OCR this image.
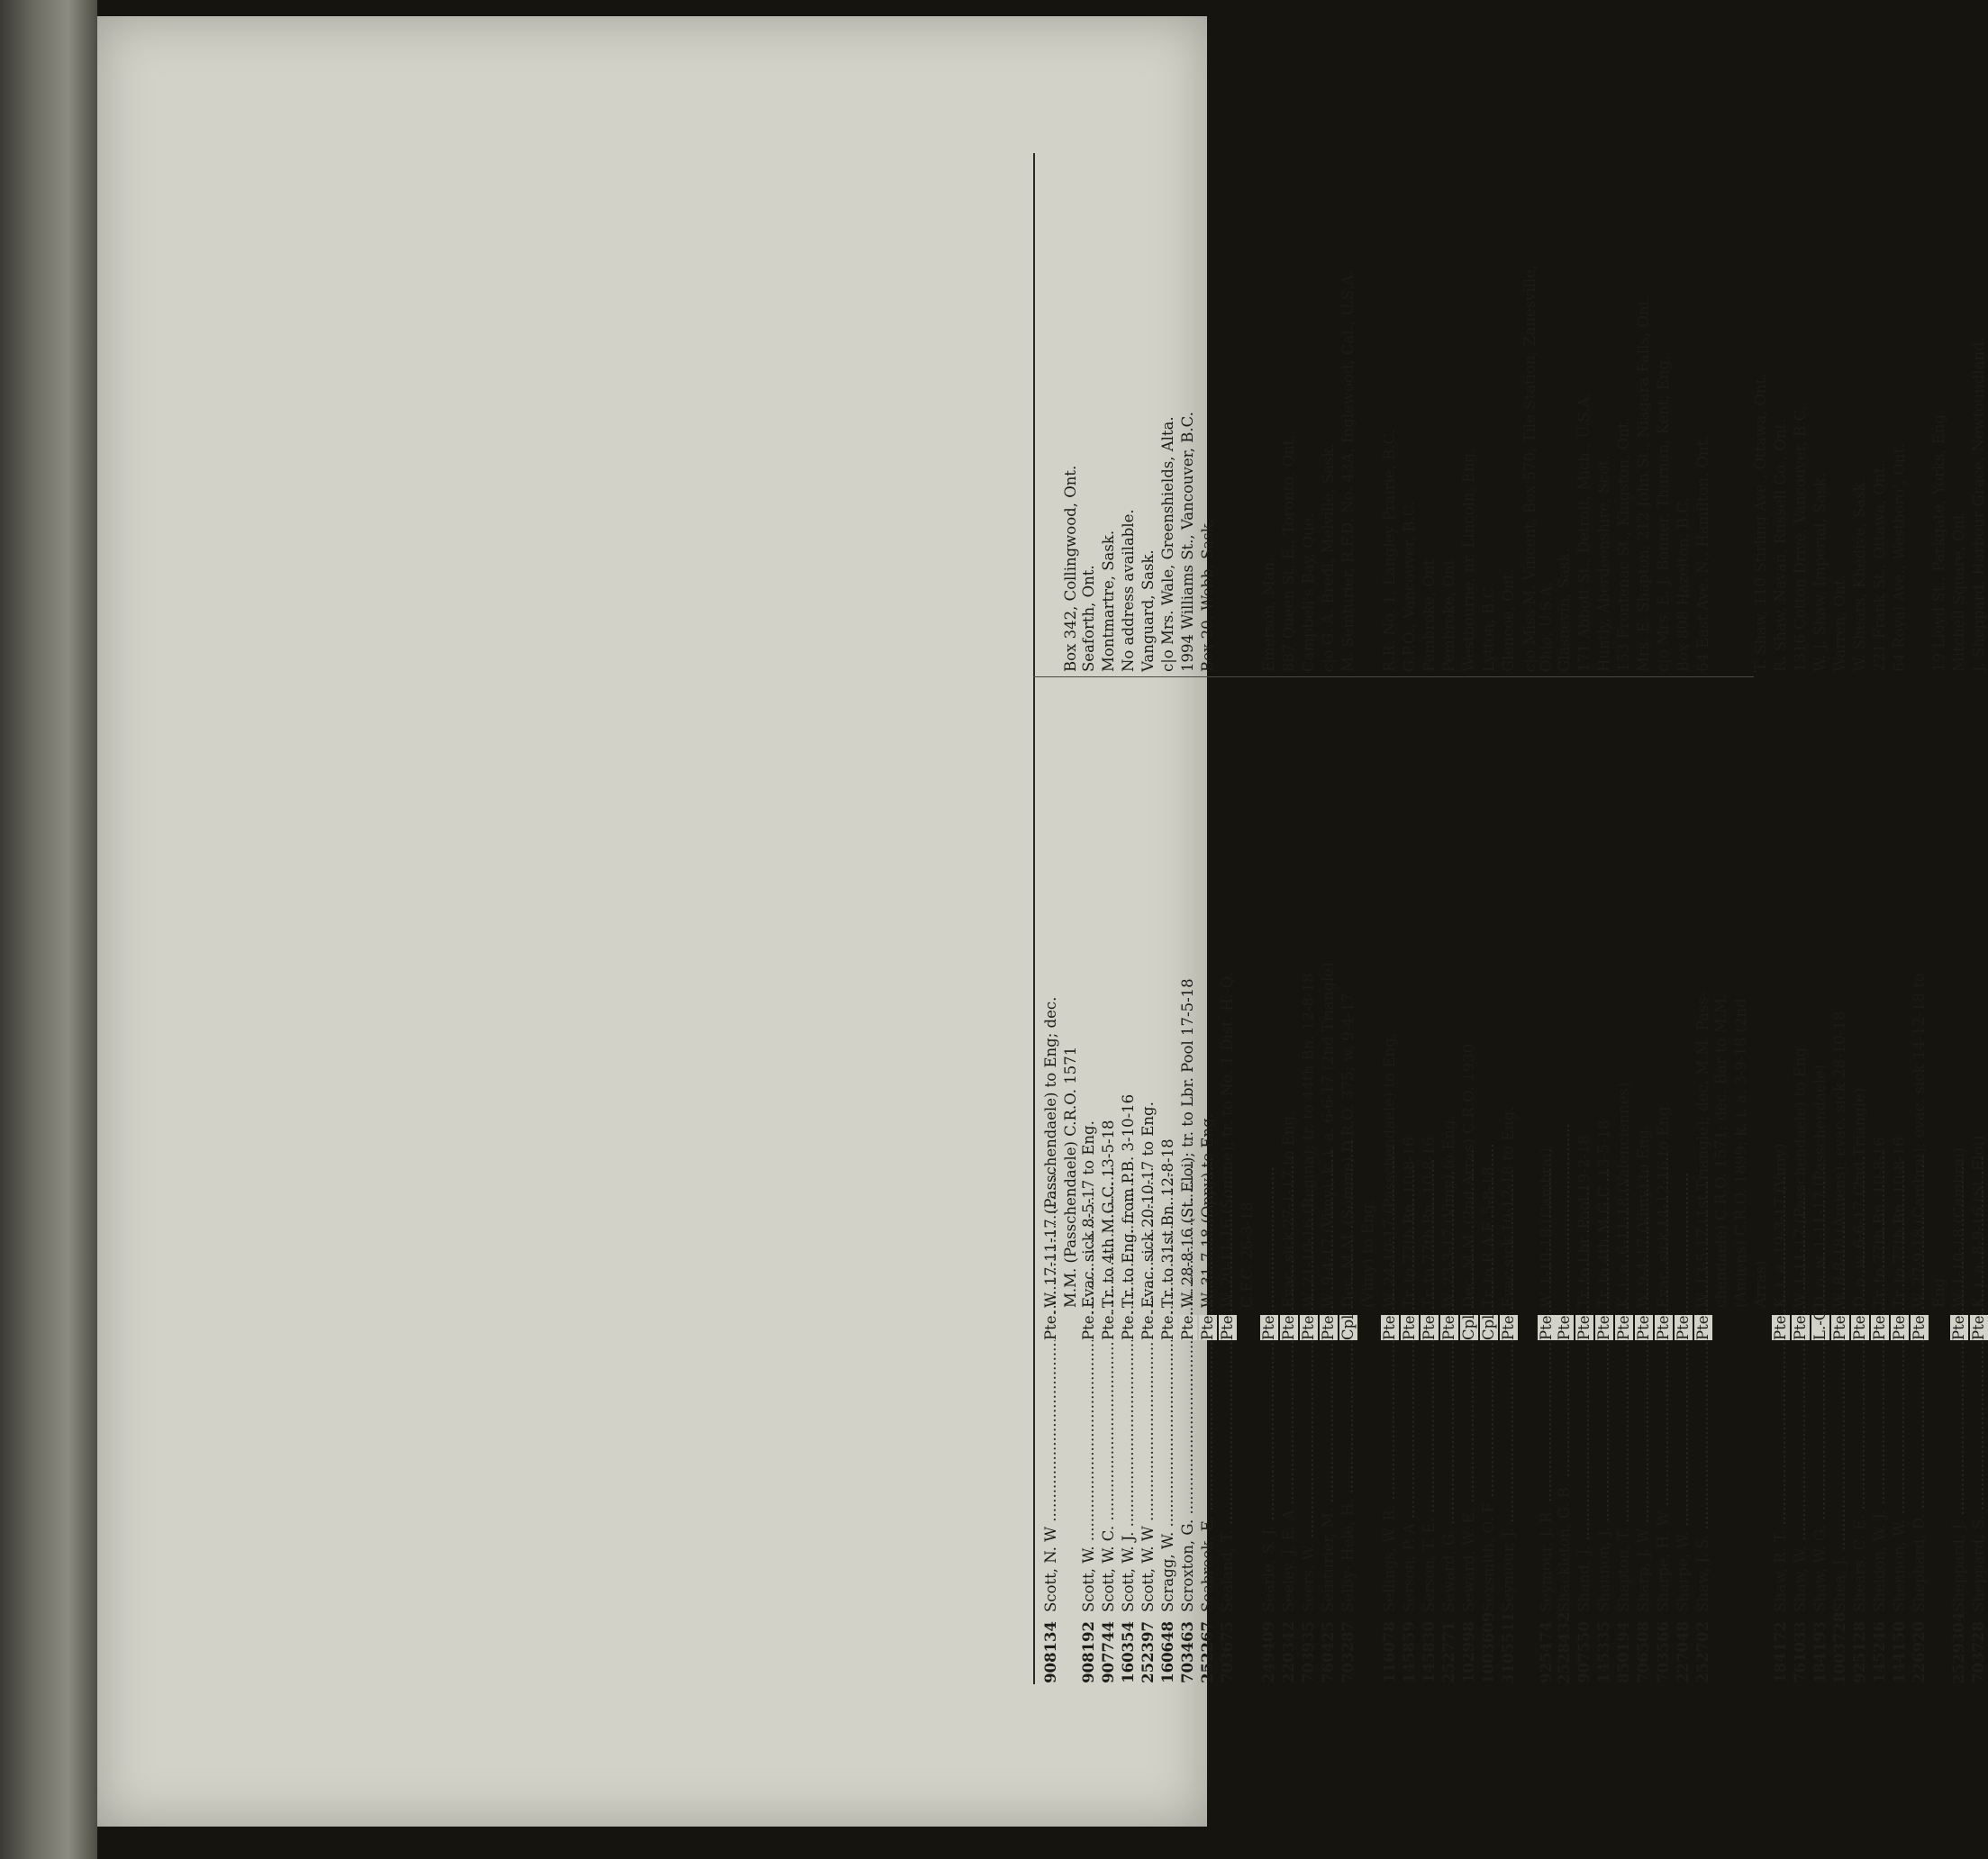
908134
Scott, N. W .....
Pte.
W. 17-11-17 (Passchendaele) to Eng; dec. M.M. (Passchendaele) C.R.O. 1571
Box 342, Collingwood, Ont.
908192
Scott, W. .....
Pte.
Evac. sick 8-5-17 to Eng.
Seaforth, Ont.
907744
Scott, W. C. .....
Pte.
Tr. to 4th M.G.C. 13-5-18
Montmartre, Sask.
160354
Scott, W. J. .....
Pte.
Tr. to Eng. from P.B. 3-10-16
No address available.
252397
Scott, W. W .....
Pte.
Evac. sick 20-10-17 to Eng.
Vanguard, Sask.
160648
Scragg, W. .....
Pte.
Tr. to 31st Bn. 12-8-18
c|o Mrs. Wale, Greenshields, Alta.
703463
Scroxton, G. .....
Pte.
W. 28-8-16 (St. Eloi); tr. to Lbr. Pool 17-5-18
1994 Williams St., Vancouver, B.C.
252267
Seabrook, E. .....
Pte.
W. 31-7-18 (Oppy) to Eng.
Box 20, Webb, Sask.
703675
Sealand, T. .....
Pte.
W. 20-11-16 (Somme); tr. to No. 1 Dist. H.-Q. C.F.C. 26-3-18
249409
Searle, S. J. .....
Pte.
Emerson, Man.
220342
Seeley, J. E. A .....
Pte.
Evac. sick 27-1-17 to Eng.
887 Queen St. E., Toronto, Ont.
703935
Seers, W. .....
Pte.
W. 21-10-16 (Regina); tr. to 44th Bn. 12-8-18
Campbell's Bay, Que.
760425
Seinturier, M. .....
Pte.
W. 9-4-17 (Vimy); k. i. a. 6-6-17 (2nd Triangle)
c|o G. A. Bredl, Melville, Sask.
703287
Selby- Hele, H. .....
Cpl.
Dec. M.M. (Somme) D.R.O. 375; w. 9-4-17
M. Seinturier, R.F.D. No. 43A, Inglewood, Cal., U.S.A.
(Vimy) to Eng.
116078
Sellings, W. R. .....
Pte.
W. 24-10-17 (Passchendaele) to Eng.
R.R. No. 1, Langley Prairie, B.C.
145859
Serson, P. A .....
Pte.
Tr. to 77th Bn. 10-8-16
G.P.O., Vancouver, B.C.
145830
Serson, T. E. .....
Pte.
Tr. to 77th Bn. 10-8-16
Pembroke, Ont
252771
Seward, G. .....
Pte.
W. 23-3-17 (Vimy) to Eng.
Pembroke, Ont
102998
Seward, W. E. .....
Cpl.
Dec. M.M. (2nd Arras) C.R.O. 1930
Westbourne, nr. Lincoln, Eng.
1003609
Sexsmith, O. F .....
Cpl.
Tr. to R.A.F. 5-8-18
Lytton, B.C.
3105511
Seymour, J. .....
Pte.
Evac sick 10-12-18 to Eng.
Glencoe, Ont. c|o Miss M. Vincent, Box 570, Tile Station, Zanesville,
925474
Seymour, J. R. .....
Pte.
W. 1-10-18 (Cambrai)
Ohio, U.S.A.
2528432
Shackleton, G. B. .....
Pte.
Glasnevin, Sask.
907550
Shand, J. .....
Pte.
Tr. to Lbr. Pool 19-2-18
171 Abbott St., Detroit, Mich., U.S.A.
145335
Shannon, J. .....
Pte.
Tr. to 4th M.G.C. 13-5-18
Huntly, Aberdeenshire, Scot.
850194
Shapton, T. .....
Pte.
K. i. a. 6-11-18 (Valenciennes)
153 Frontenac St., Kingston, Ont.
706508
Sharp, J. W .....
Pte.
W. 9-4-17 (Vimy) to Eng.
Mrs. E. Shapton, 212 John St., Niagara Falls, Ont.
703566
Sharpe, H. W .....
Pte.
Evac. sick 14-12-16 to Eng.
c|o Mrs. E. J. Bonner, Thurnan, Kent, Eng.
227048
Sharpe, W. .....
Pte.
Box 808 Hazelton, B.C.
252702
Shaw, J. S. .....
Pte.
W. 13-5-17 (1st Triangle); dec. M.M. Pass-
64 East Ave. N., Hamilton, Ont.
chendaele) C.R.O. 1571; dec. Bar to M.M. (Amiens) C.R.O. 1899; k. i. a. 3-9-18 (2nd Arras)
T. Shaw, 110 Stirling Ave., Ottawa, Ont.
184172
Shaw, R. T. .....
Pte.
K. i. a. 19-3-17 (Vimy)
R. Shaw, Navan, Russell Co., Ont.
761033
Shaw, W. .....
Pte.
W. 1-11-17 (Passchendaele) to Eng.
1316 Cotton Drive, Vancouver, B.C.
184193
Shaw, W. G. .....
L.-C.
D. o. w. 1-11-17 (Passchendaele)
W. J. Shaw, Imperial, Sask.
1003728
Shea, J. .....
Pte.
W. 8-8-18 (Amiens); evac. sick 28-10-18
Warren, Ont.
925128
Shears, C. E. .....
Pte.
D. o. w. 6-6-17 (2nd Triangle)
W. Shears, Khedive, Sask.
145246
Sheldon, W. J. .....
Pte.
Tr. to 77th Bn. 10-8-16
221 Frank St., Ottawa, Ont.
144150
Shennon, W. .....
Pte.
Tr. to 77th Bn. 10-8-16
64 Royal Ave., Westboro', Ont.
226920
Shephard, D. .....
Pte.
W. 27-9-18 (Cambrai); evac. sick 14-12-18 to Eng.
19 Lloyd St., Parkgate, Yorks, Eng.
2529304
Sheppard, J. .....
Pte.
W. 1-10-18 (Cambrai)
Mitchell Square, Ont.
703728
Sheppard, S. .....
Pte.
K. i. a. 8-9-16 (St. Eloi)
J. Sheppard, Harbour Grace, Newfoundland.
